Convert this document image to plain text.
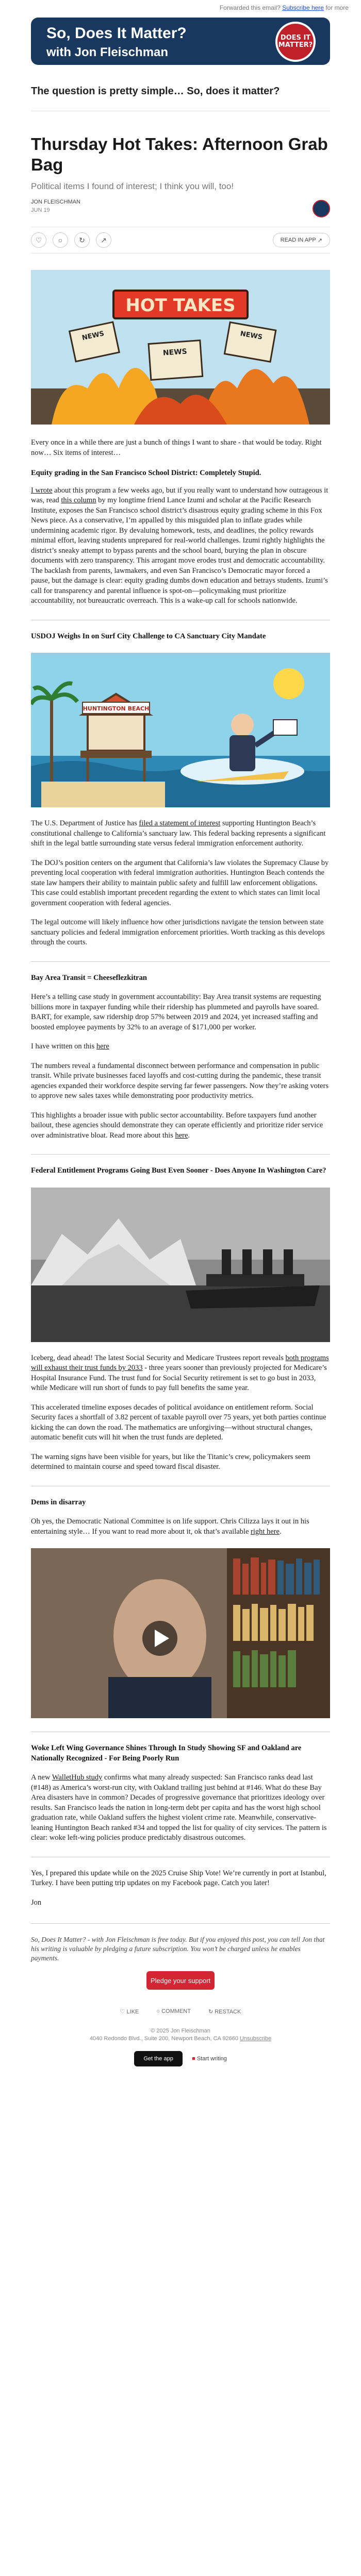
Forwarded this email? Subscribe here for more
So, Does It Matter?
with Jon Fleischman
DOES IT
MATTER?
The question is pretty simple… So, does it matter?
Thursday Hot Takes: Afternoon Grab Bag
Political items I found of interest; I think you will, too!
JON FLEISCHMAN
JUN 19
♡	○	↻	↗	READ IN APP ↗
HOT TAKES
NEWS	NEWS
NEWS
Every once in a while there are just a bunch of things I want to share - that would be today. Right now… Six items of interest…
Equity grading in the San Francisco School District: Completely Stupid.
I wrote about this program a few weeks ago, but if you really want to understand how outrageous it was, read this column by my longtime friend Lance Izumi and scholar at the Pacific Research Institute, exposes the San Francisco school district’s disastrous equity grading scheme in this Fox News piece. As a conservative, I’m appalled by this misguided plan to inflate grades while undermining academic rigor. By devaluing homework, tests, and deadlines, the policy rewards minimal effort, leaving students unprepared for real-world challenges. Izumi rightly highlights the district’s sneaky attempt to bypass parents and the school board, burying the plan in obscure documents with zero transparency. This arrogant move erodes trust and democratic accountability. The backlash from parents, lawmakers, and even San Francisco’s Democratic mayor forced a pause, but the damage is clear: equity grading dumbs down education and betrays students. Izumi’s call for transparency and parental influence is spot-on—policymaking must prioritize accountability, not bureaucratic overreach. This is a wake-up call for schools nationwide.
USDOJ Weighs In on Surf City Challenge to CA Sanctuary City Mandate
HUNTINGTON BEACH
The U.S. Department of Justice has filed a statement of interest supporting Huntington Beach’s constitutional challenge to California’s sanctuary law. This federal backing represents a significant shift in the legal battle surrounding state versus federal immigration enforcement authority.
The DOJ’s position centers on the argument that California’s law violates the Supremacy Clause by preventing local cooperation with federal immigration authorities. Huntington Beach contends the state law hampers their ability to maintain public safety and fulfill law enforcement obligations. This case could establish important precedent regarding the extent to which states can limit local government cooperation with federal agencies.
The legal outcome will likely influence how other jurisdictions navigate the tension between state sanctuary policies and federal immigration enforcement priorities. Worth tracking as this develops through the courts.
Bay Area Transit = Cheeseflezkitran
Here’s a telling case study in government accountability: Bay Area transit systems are requesting billions more in taxpayer funding while their ridership has plummeted and payrolls have soared. BART, for example, saw ridership drop 57% between 2019 and 2024, yet increased staffing and boosted employee payments by 32% to an average of $171,000 per worker.
I have written on this here
The numbers reveal a fundamental disconnect between performance and compensation in public transit. While private businesses faced layoffs and cost-cutting during the pandemic, these transit agencies expanded their workforce despite serving far fewer passengers. Now they’re asking voters to approve new sales taxes while demonstrating poor productivity metrics.
This highlights a broader issue with public sector accountability. Before taxpayers fund another bailout, these agencies should demonstrate they can operate efficiently and prioritize rider service over administrative bloat. Read more about this here.
Federal Entitlement Programs Going Bust Even Sooner - Does Anyone In Washington Care?
Iceberg, dead ahead! The latest Social Security and Medicare Trustees report reveals both programs will exhaust their trust funds by 2033 - three years sooner than previously projected for Medicare’s Hospital Insurance Fund. The trust fund for Social Security retirement is set to go bust in 2033, while Medicare will run short of funds to pay full benefits the same year.
This accelerated timeline exposes decades of political avoidance on entitlement reform. Social Security faces a shortfall of 3.82 percent of taxable payroll over 75 years, yet both parties continue kicking the can down the road. The mathematics are unforgiving—without structural changes, automatic benefit cuts will hit when the trust funds are depleted.
The warning signs have been visible for years, but like the Titanic’s crew, policymakers seem determined to maintain course and speed toward fiscal disaster.
Dems in disarray
Oh yes, the Democratic National Committee is on life support. Chris Cilizza lays it out in his entertaining style… If you want to read more about it, ok that’s available right here.
Woke Left Wing Governance Shines Through In Study Showing SF and Oakland are Nationally Recognized - For Being Poorly Run
A new WalletHub study confirms what many already suspected: San Francisco ranks dead last (#148) as America’s worst-run city, with Oakland trailing just behind at #146. What do these Bay Area disasters have in common? Decades of progressive governance that prioritizes ideology over results. San Francisco leads the nation in long-term debt per capita and has the worst high school graduation rate, while Oakland suffers the highest violent crime rate. Meanwhile, conservative-leaning Huntington Beach ranked #34 and topped the list for quality of city services. The pattern is clear: woke left-wing policies produce predictably disastrous outcomes.
Yes, I prepared this update while on the 2025 Cruise Ship Vote! We’re currently in port at Istanbul, Turkey. I have been putting trip updates on my Facebook page. Catch you later!
Jon
So, Does It Matter? - with Jon Fleischman is free today. But if you enjoyed this post, you can tell Jon that his writing is valuable by pledging a future subscription. You won’t be charged unless he enables payments.
Pledge your support
♡ LIKE	○ COMMENT	↻ RESTACK
© 2025 Jon Fleischman
4040 Redondo Blvd., Suite 200, Newport Beach, CA 92660 Unsubscribe
Get the app	■ Start writing
